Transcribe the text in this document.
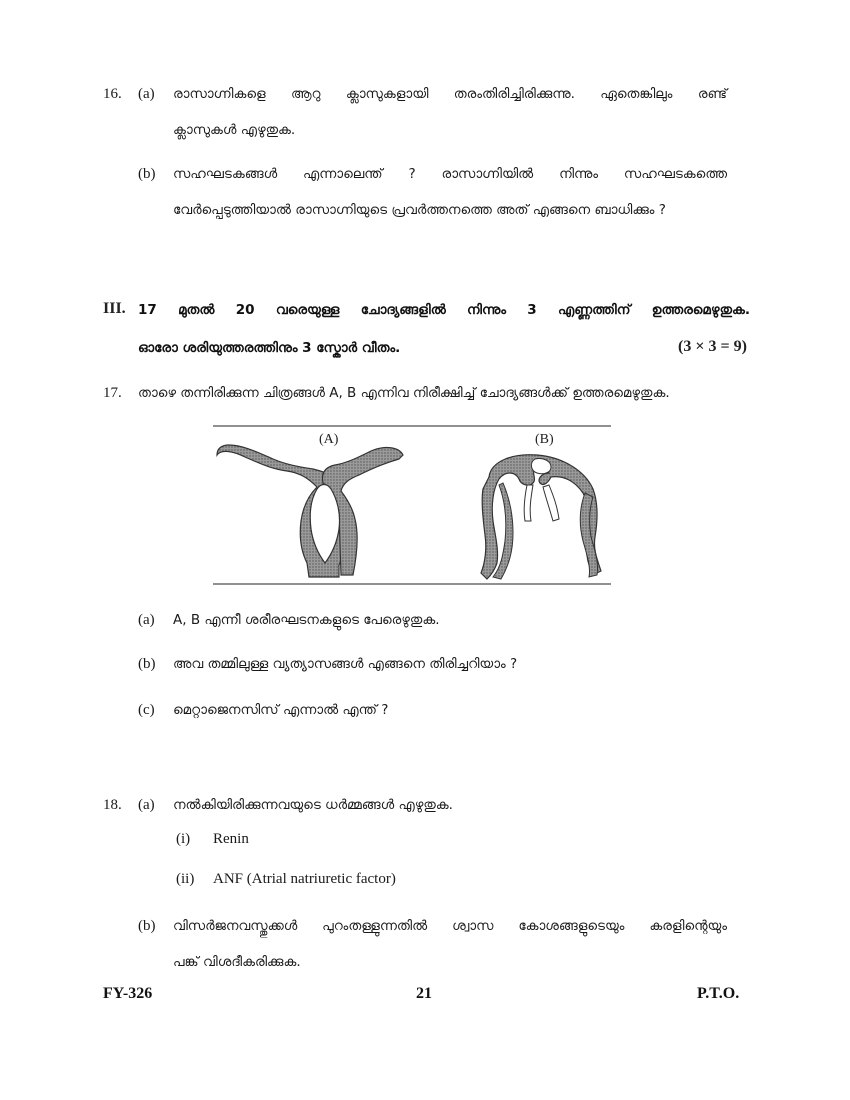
16. (a) രാസാഗ്നികളെ ആറു ക്ലാസുകളായി തരംതിരിച്ചിരിക്കുന്നു. ഏതെങ്കിലും രണ്ട്
ക്ലാസുകൾ എഴുതുക.
(b) സഹഘടകങ്ങൾ എന്നാലെന്ത് ? രാസാഗ്നിയിൽ നിന്നും സഹഘടകത്തെ
വേർപ്പെടുത്തിയാൽ രാസാഗ്നിയുടെ പ്രവർത്തനത്തെ അത് എങ്ങനെ ബാധിക്കും ?
III. 17 മുതൽ 20 വരെയുള്ള ചോദ്യങ്ങളിൽ നിന്നും 3 എണ്ണത്തിന് ഉത്തരമെഴുതുക.
ഓരോ ശരിയുത്തരത്തിനും 3 സ്കോർ വീതം.	(3 × 3 = 9)
17. താഴെ തന്നിരിക്കുന്ന ചിത്രങ്ങൾ A, B എന്നിവ നിരീക്ഷിച്ച് ചോദ്യങ്ങൾക്ക് ഉത്തരമെഴുതുക.
(A)	(B)
(a) A, B എന്നീ ശരീരഘടനകളുടെ പേരെഴുതുക.
(b) അവ തമ്മിലുള്ള വ്യത്യാസങ്ങൾ എങ്ങനെ തിരിച്ചറിയാം ?
(c) മെറ്റാജെനസിസ് എന്നാൽ എന്ത് ?
18. (a) നൽകിയിരിക്കുന്നവയുടെ ധർമ്മങ്ങൾ എഴുതുക.
(i) Renin
(ii) ANF (Atrial natriuretic factor)
(b) വിസർജനവസ്തുക്കൾ പുറംതള്ളുന്നതിൽ ശ്വാസ കോശങ്ങളുടെയും കരളിന്റെയും
പങ്ക് വിശദീകരിക്കുക.
FY-326	21	P.T.O.
